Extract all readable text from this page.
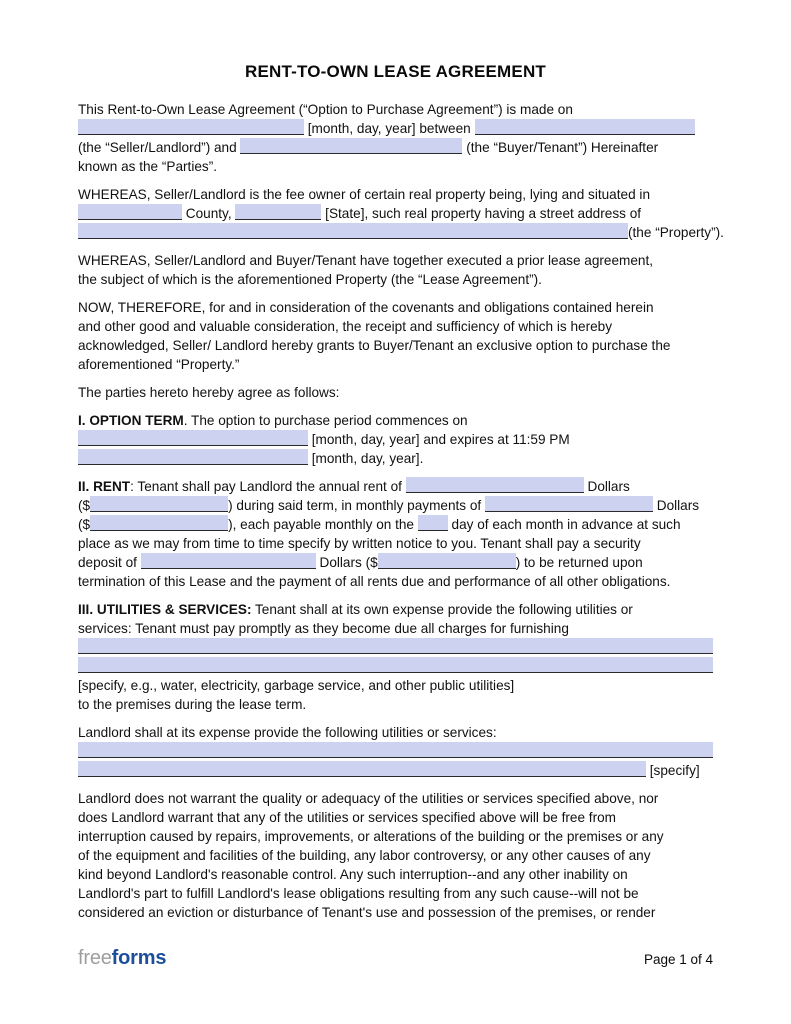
RENT-TO-OWN LEASE AGREEMENT
This Rent-to-Own Lease Agreement (“Option to Purchase Agreement”) is made on
[month, day, year] between
(the “Seller/Landlord”) and	(the “Buyer/Tenant”) Hereinafter
known as the “Parties”.
WHEREAS, Seller/Landlord is the fee owner of certain real property being, lying and situated in
County,	[State], such real property having a street address of
(the “Property”).
WHEREAS, Seller/Landlord and Buyer/Tenant have together executed a prior lease agreement,
the subject of which is the aforementioned Property (the “Lease Agreement”).
NOW, THEREFORE, for and in consideration of the covenants and obligations contained herein
and other good and valuable consideration, the receipt and sufficiency of which is hereby
acknowledged, Seller/ Landlord hereby grants to Buyer/Tenant an exclusive option to purchase the
aforementioned “Property.”
The parties hereto hereby agree as follows:
I. OPTION TERM. The option to purchase period commences on
[month, day, year] and expires at 11:59 PM
[month, day, year].
II. RENT: Tenant shall pay Landlord the annual rent of	Dollars
($	) during said term, in monthly payments of	Dollars
($	), each payable monthly on the  day of each month in advance at such
place as we may from time to time specify by written notice to you. Tenant shall pay a security
deposit of	Dollars ($	) to be returned upon
termination of this Lease and the payment of all rents due and performance of all other obligations.
III. UTILITIES & SERVICES: Tenant shall at its own expense provide the following utilities or
services: Tenant must pay promptly as they become due all charges for furnishing
[specify, e.g., water, electricity, garbage service, and other public utilities]
to the premises during the lease term.
Landlord shall at its expense provide the following utilities or services:
[specify]
Landlord does not warrant the quality or adequacy of the utilities or services specified above, nor
does Landlord warrant that any of the utilities or services specified above will be free from
interruption caused by repairs, improvements, or alterations of the building or the premises or any
of the equipment and facilities of the building, any labor controversy, or any other causes of any
kind beyond Landlord's reasonable control. Any such interruption--and any other inability on
Landlord's part to fulfill Landlord's lease obligations resulting from any such cause--will not be
considered an eviction or disturbance of Tenant's use and possession of the premises, or render
freeforms	Page 1 of 4
